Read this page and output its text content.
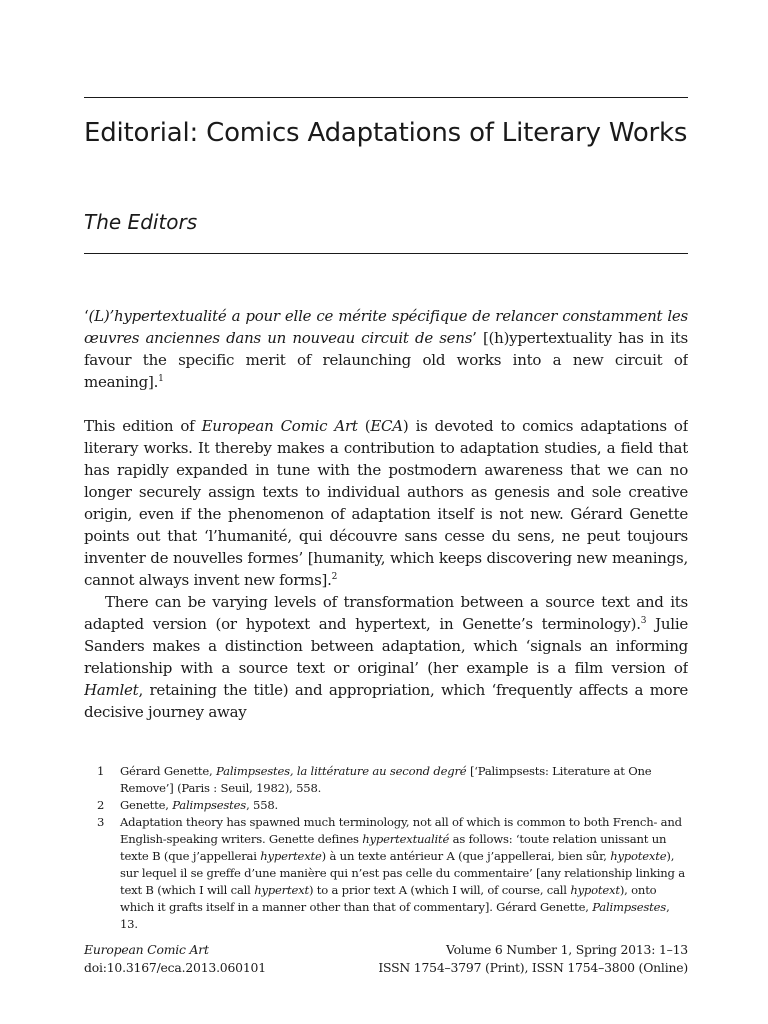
Editorial: Comics Adaptations of Literary Works
The Editors

‘(L)’hypertextualité a pour elle ce mérite spécifique de relancer constamment les œuvres anciennes dans un nouveau circuit de sens’ [(h)ypertextuality has in its favour the specific merit of relaunching old works into a new circuit of meaning].$^1$

This edition of European Comic Art (ECA) is devoted to comics adaptations of literary works. It thereby makes a contribution to adaptation studies, a field that has rapidly expanded in tune with the postmodern awareness that we can no longer securely assign texts to individual authors as genesis and sole creative origin, even if the phenomenon of adaptation itself is not new. Gérard Genette points out that ‘l’humanité, qui découvre sans cesse du sens, ne peut toujours inventer de nouvelles formes’ [humanity, which keeps discovering new meanings, cannot always invent new forms].$^2$

There can be varying levels of transformation between a source text and its adapted version (or hypotext and hypertext, in Genette’s terminology).$^3$ Julie Sanders makes a distinction between adaptation, which ‘signals an informing relationship with a source text or original’ (her example is a film version of Hamlet, retaining the title) and appropriation, which ‘frequently affects a more decisive journey away

1 Gérard Genette, Palimpsestes, la littérature au second degré [‘Palimpsests: Literature at One Remove’] (Paris : Seuil, 1982), 558.

2 Genette, Palimpsestes, 558.

3 Adaptation theory has spawned much terminology, not all of which is common to both French- and English-speaking writers. Genette defines hypertextualité as follows: ‘toute relation unissant un texte B (que j’appellerai hypertexte) à un texte antérieur A (que j’appellerai, bien sûr, hypotexte), sur lequel il se greffe d’une manière qui n’est pas celle du commentaire’ [any relationship linking a text B (which I will call hypertext) to a prior text A (which I will, of course, call hypotext), onto which it grafts itself in a manner other than that of commentary]. Gérard Genette, Palimpsestes, 13.

European Comic Art	Volume 6 Number 1, Spring 2013: 1–13
doi:10.3167/eca.2013.060101	ISSN 1754–3797 (Print), ISSN 1754–3800 (Online)
